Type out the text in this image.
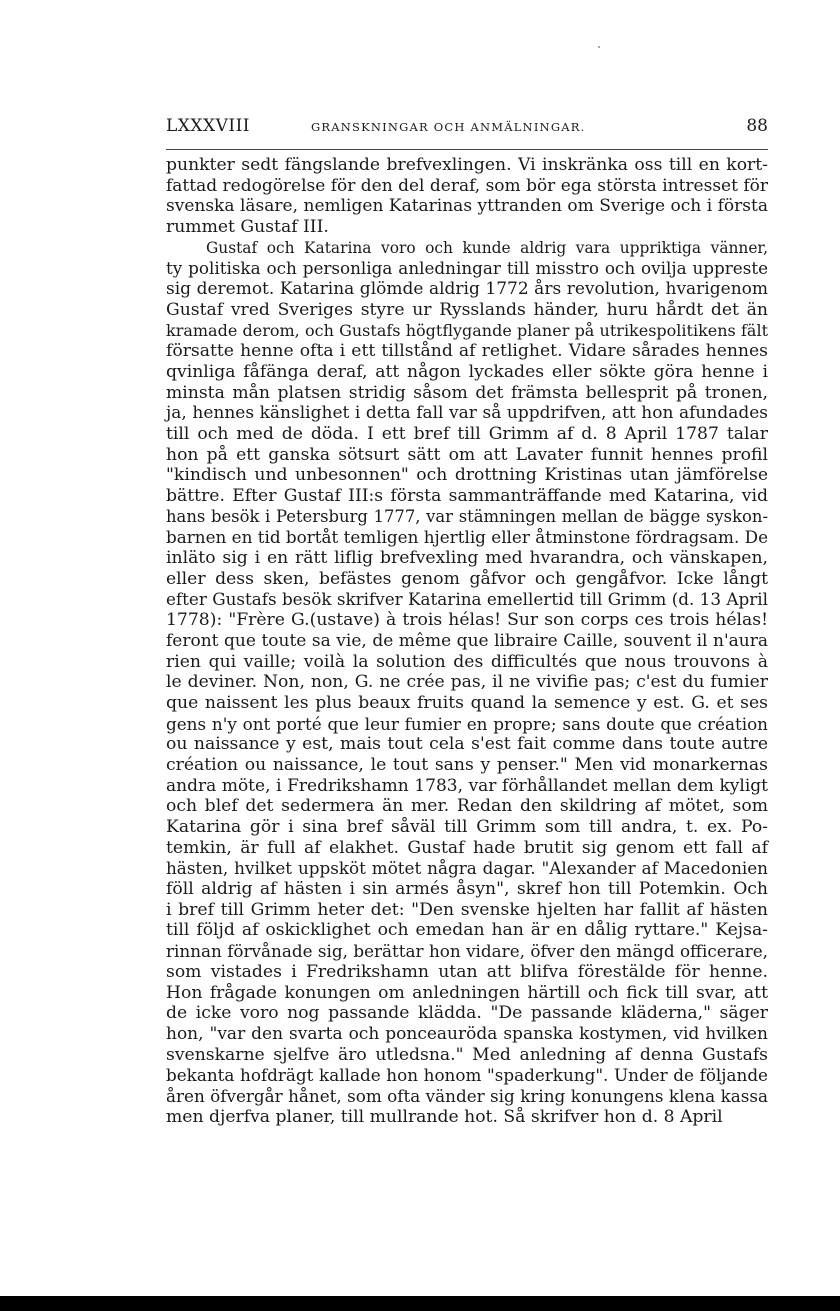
LXXXVIII	GRANSKNINGAR OCH ANMÄLNINGAR.	88
punkter sedt fängslande brefvexlingen. Vi inskränka oss till en kort-
fattad redogörelse för den del deraf, som bör ega största intresset för
svenska läsare, nemligen Katarinas yttranden om Sverige och i första
rummet Gustaf III.
Gustaf och Katarina voro och kunde aldrig vara uppriktiga vänner,
ty politiska och personliga anledningar till misstro och ovilja uppreste
sig deremot. Katarina glömde aldrig 1772 års revolution, hvarigenom
Gustaf vred Sveriges styre ur Rysslands händer, huru hårdt det än
kramade derom, och Gustafs högtflygande planer på utrikespolitikens fält
försatte henne ofta i ett tillstånd af retlighet. Vidare sårades hennes
qvinliga fåfänga deraf, att någon lyckades eller sökte göra henne i
minsta mån platsen stridig såsom det främsta bellesprit på tronen,
ja, hennes känslighet i detta fall var så uppdrifven, att hon afundades
till och med de döda. I ett bref till Grimm af d. 8 April 1787 talar
hon på ett ganska sötsurt sätt om att Lavater funnit hennes profil
"kindisch und unbesonnen" och drottning Kristinas utan jämförelse
bättre. Efter Gustaf III:s första sammanträffande med Katarina, vid
hans besök i Petersburg 1777, var stämningen mellan de bägge syskon-
barnen en tid bortåt temligen hjertlig eller åtminstone fördragsam. De
inläto sig i en rätt liflig brefvexling med hvarandra, och vänskapen,
eller dess sken, befästes genom gåfvor och gengåfvor. Icke långt
efter Gustafs besök skrifver Katarina emellertid till Grimm (d. 13 April
1778): "Frère G.(ustave) à trois hélas! Sur son corps ces trois hélas!
feront que toute sa vie, de même que libraire Caille, souvent il n'aura
rien qui vaille; voilà la solution des difficultés que nous trouvons à
le deviner. Non, non, G. ne crée pas, il ne vivifie pas; c'est du fumier
que naissent les plus beaux fruits quand la semence y est. G. et ses
gens n'y ont porté que leur fumier en propre; sans doute que création
ou naissance y est, mais tout cela s'est fait comme dans toute autre
création ou naissance, le tout sans y penser." Men vid monarkernas
andra möte, i Fredrikshamn 1783, var förhållandet mellan dem kyligt
och blef det sedermera än mer. Redan den skildring af mötet, som
Katarina gör i sina bref såväl till Grimm som till andra, t. ex. Po-
temkin, är full af elakhet. Gustaf hade brutit sig genom ett fall af
hästen, hvilket uppsköt mötet några dagar. "Alexander af Macedonien
föll aldrig af hästen i sin armés åsyn", skref hon till Potemkin. Och
i bref till Grimm heter det: "Den svenske hjelten har fallit af hästen
till följd af oskicklighet och emedan han är en dålig ryttare." Kejsa-
rinnan förvånade sig, berättar hon vidare, öfver den mängd officerare,
som vistades i Fredrikshamn utan att blifva förestälde för henne.
Hon frågade konungen om anledningen härtill och fick till svar, att
de icke voro nog passande klädda. "De passande kläderna," säger
hon, "var den svarta och ponceauröda spanska kostymen, vid hvilken
svenskarne sjelfve äro utledsna." Med anledning af denna Gustafs
bekanta hofdrägt kallade hon honom "spaderkung". Under de följande
åren öfvergår hånet, som ofta vänder sig kring konungens klena kassa
men djerfva planer, till mullrande hot. Så skrifver hon d. 8 April
